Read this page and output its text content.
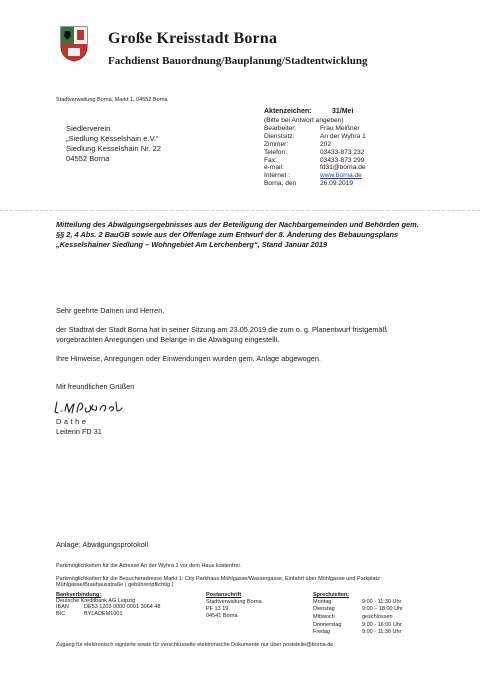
Große Kreisstadt Borna
Fachdienst Bauordnung/Bauplanung/Stadtentwicklung
Stadtverwaltung Borna, Markt 1, 04552 Borna
Siedlerverein
„Siedlung Kesselshain e.V.“
Siedlung Kesselshain Nr. 22
04552 Borna
Aktenzeichen:	31/Mei
(Bitte bei Antwort angeben)
Bearbeiter:	Frau Meißner
Dienstsitz:	An der Wyhra 1
Zimmer:	202
Telefon:	03433-873 232
Fax:	03433-873 299
e-mail:	fd31@borna.de
Internet :	www.borna.de
Borna, den	26.09.2019
Mitteilung des Abwägungsergebnisses aus der Beteiligung der Nachbargemeinden und Behörden gem. §§ 2, 4 Abs. 2 BauGB sowie aus der Offenlage zum Entwurf der 8. Änderung des Bebauungsplans „Kesselshainer Siedlung – Wohngebiet Am Lerchenberg“, Stand Januar 2019
Sehr geehrte Damen und Herren,
der Stadtrat der Stadt Borna hat in seiner Sitzung am 23.05.2019 die zum o. g. Planentwurf fristgemäß vorgebrachten Anregungen und Belange in die Abwägung eingestellt.
Ihre Hinweise, Anregungen oder Einwendungen wurden gem. Anlage abgewogen.
Mit freundlichen Grüßen
Dathe
Leiterin FD 31
Anlage: Abwägungsprotokoll
Parkmöglichkeiten für die Adresse An der Wyhra 1 vor dem Haus kostenfrei.
Parkmöglichkeiten für die Besucheradresse Markt 1: City Parkhaus Mühlgasse/Wassergasse, Einfahrt über Mühlgasse und Parkplatz Mühlgasse/Brauhausstraße ( gebührenpflichtig )
Bankverbindung:
Deutsche Kreditbank AG Leipzig
IBAN	DE53 1203 0000 0001 3064 48
BIC	BYLADEM1001
Postanschrift
Stadtverwaltung Borna
PF 13 19
04541 Borna
Sprechzeiten:
Montag	9:00 - 11:30 Uhr
Dienstag	9:00 – 18:00 Uhr
Mittwoch	geschlossen
Donnerstag	9:00 - 16:00 Uhr
Freitag	9:00 - 11:30 Uhr
Zugang für elektronisch signierte sowie für verschlüsselte elektronische Dokumente nur über poststelle@borna.de
